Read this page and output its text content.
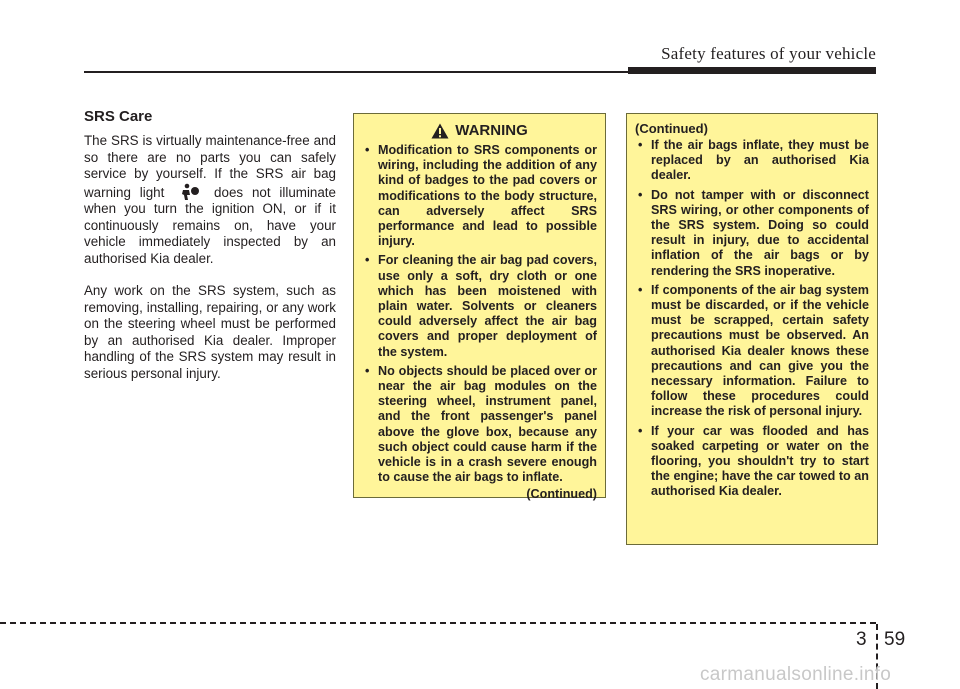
Safety features of your vehicle
SRS Care

The SRS is virtually maintenance-free and so there are no parts you can safely service by yourself. If the SRS air bag warning light	does not illuminate when you turn the ignition ON, or if it continuously remains on, have your vehicle immediately inspected by an authorised Kia dealer.

Any work on the SRS system, such as removing, installing, repairing, or any work on the steering wheel must be performed by an authorised Kia dealer. Improper handling of the SRS system may result in serious personal injury.

WARNING
• Modification to SRS components or wiring, including the addition of any kind of badges to the pad covers or modifications to the body structure, can adversely affect SRS performance and lead to possible injury.
• For cleaning the air bag pad covers, use only a soft, dry cloth or one which has been moistened with plain water. Solvents or cleaners could adversely affect the air bag covers and proper deployment of the system.
• No objects should be placed over or near the air bag modules on the steering wheel, instrument panel, and the front passenger's panel above the glove box, because any such object could cause harm if the vehicle is in a crash severe enough to cause the air bags to inflate.
(Continued)
(Continued)
• If the air bags inflate, they must be replaced by an authorised Kia dealer.
• Do not tamper with or disconnect SRS wiring, or other components of the SRS system. Doing so could result in injury, due to accidental inflation of the air bags or by rendering the SRS inoperative.
• If components of the air bag system must be discarded, or if the vehicle must be scrapped, certain safety precautions must be observed. An authorised Kia dealer knows these precautions and can give you the necessary information. Failure to follow these procedures could increase the risk of personal injury.
• If your car was flooded and has soaked carpeting or water on the flooring, you shouldn't try to start the engine; have the car towed to an authorised Kia dealer.
3 59
carmanualsonline.info
